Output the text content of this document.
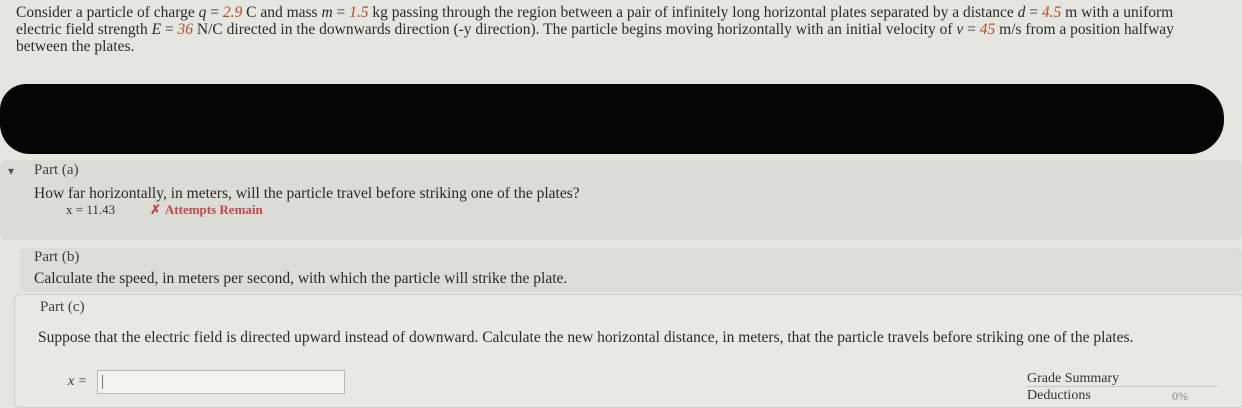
Consider a particle of charge q = 2.9 C and mass m = 1.5 kg passing through the region between a pair of infinitely long horizontal plates separated by a distance d = 4.5 m with a uniform electric field strength E = 36 N/C directed in the downwards direction (-y direction). The particle begins moving horizontally with an initial velocity of v = 45 m/s from a position halfway between the plates.
▾ Part (a)
How far horizontally, in meters, will the particle travel before striking one of the plates?
x = 11.43	✗ Attempts Remain
Part (b)
Calculate the speed, in meters per second, with which the particle will strike the plate.
Part (c)
Suppose that the electric field is directed upward instead of downward. Calculate the new horizontal distance, in meters, that the particle travels before striking one of the plates.
x =	Grade Summary
Deductions	0%
